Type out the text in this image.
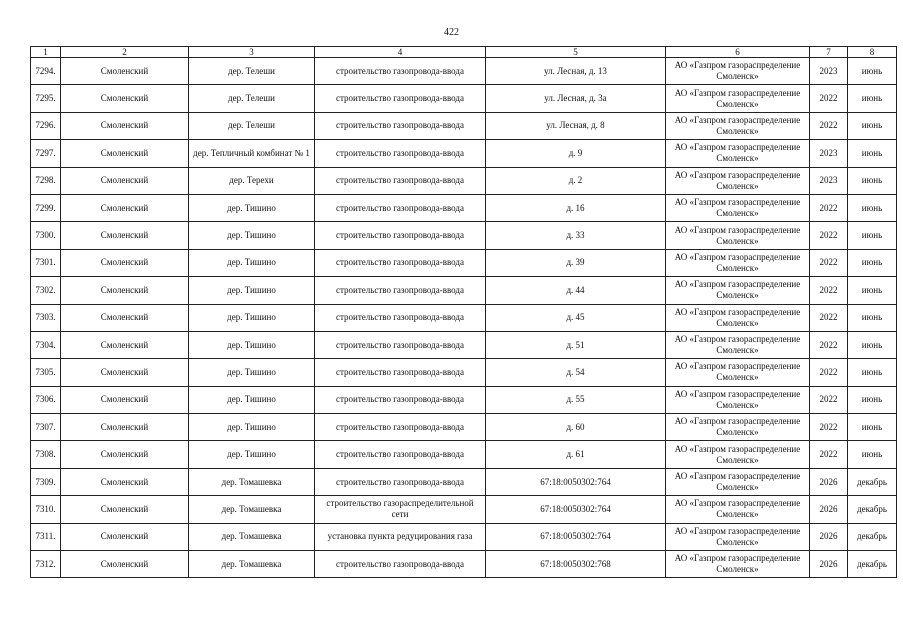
422
1	2	3	4	5	6	7	8
7294.	Смоленский	дер. Телеши	строительство газопровода-ввода	ул. Лесная, д. 13	АО «Газпром газораспределение Смоленск»	2023	июнь
7295.	Смоленский	дер. Телеши	строительство газопровода-ввода	ул. Лесная, д. 3а	АО «Газпром газораспределение Смоленск»	2022	июнь
7296.	Смоленский	дер. Телеши	строительство газопровода-ввода	ул. Лесная, д. 8	АО «Газпром газораспределение Смоленск»	2022	июнь
7297.	Смоленский	дер. Тепличный комбинат № 1	строительство газопровода-ввода	д. 9	АО «Газпром газораспределение Смоленск»	2023	июнь
7298.	Смоленский	дер. Терехи	строительство газопровода-ввода	д. 2	АО «Газпром газораспределение Смоленск»	2023	июнь
7299.	Смоленский	дер. Тишино	строительство газопровода-ввода	д. 16	АО «Газпром газораспределение Смоленск»	2022	июнь
7300.	Смоленский	дер. Тишино	строительство газопровода-ввода	д. 33	АО «Газпром газораспределение Смоленск»	2022	июнь
7301.	Смоленский	дер. Тишино	строительство газопровода-ввода	д. 39	АО «Газпром газораспределение Смоленск»	2022	июнь
7302.	Смоленский	дер. Тишино	строительство газопровода-ввода	д. 44	АО «Газпром газораспределение Смоленск»	2022	июнь
7303.	Смоленский	дер. Тишино	строительство газопровода-ввода	д. 45	АО «Газпром газораспределение Смоленск»	2022	июнь
7304.	Смоленский	дер. Тишино	строительство газопровода-ввода	д. 51	АО «Газпром газораспределение Смоленск»	2022	июнь
7305.	Смоленский	дер. Тишино	строительство газопровода-ввода	д. 54	АО «Газпром газораспределение Смоленск»	2022	июнь
7306.	Смоленский	дер. Тишино	строительство газопровода-ввода	д. 55	АО «Газпром газораспределение Смоленск»	2022	июнь
7307.	Смоленский	дер. Тишино	строительство газопровода-ввода	д. 60	АО «Газпром газораспределение Смоленск»	2022	июнь
7308.	Смоленский	дер. Тишино	строительство газопровода-ввода	д. 61	АО «Газпром газораспределение Смоленск»	2022	июнь
7309.	Смоленский	дер. Томашевка	строительство газопровода-ввода	67:18:0050302:764	АО «Газпром газораспределение Смоленск»	2026	декабрь
7310.	Смоленский	дер. Томашевка	строительство газораспределительной сети	67:18:0050302:764	АО «Газпром газораспределение Смоленск»	2026	декабрь
7311.	Смоленский	дер. Томашевка	установка пункта редуцирования газа	67:18:0050302:764	АО «Газпром газораспределение Смоленск»	2026	декабрь
7312.	Смоленский	дер. Томашевка	строительство газопровода-ввода	67:18:0050302:768	АО «Газпром газораспределение Смоленск»	2026	декабрь
